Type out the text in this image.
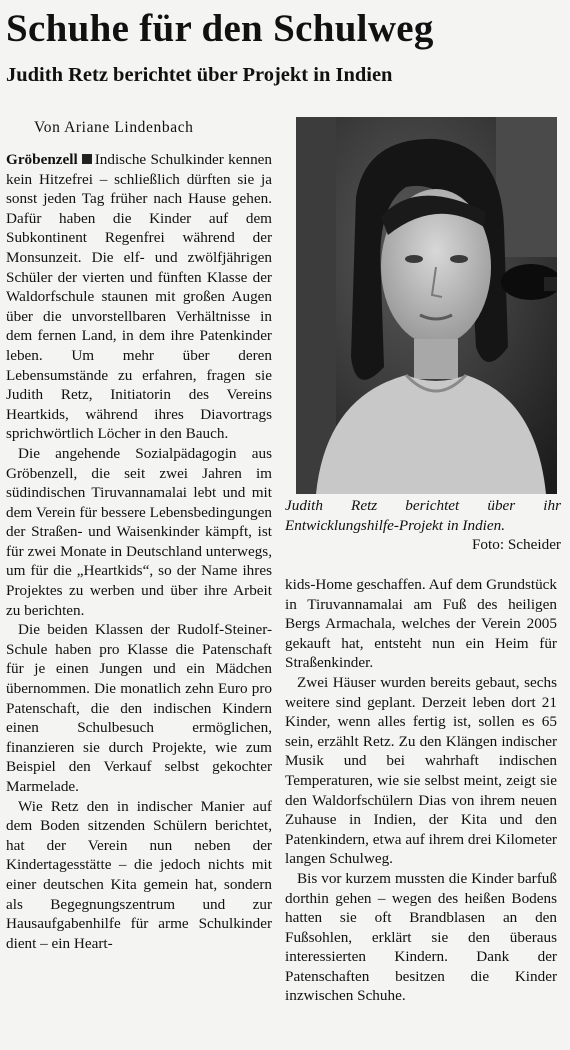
Schuhe für den Schulweg
Judith Retz berichtet über Projekt in Indien
Von Ariane Lindenbach

Gröbenzell Indische Schulkinder kennen kein Hitzefrei – schließlich dürften sie ja sonst jeden Tag früher nach Hause gehen. Dafür haben die Kinder auf dem Subkontinent Regenfrei während der Monsunzeit. Die elf- und zwölfjährigen Schüler der vierten und fünften Klasse der Waldorfschule staunen mit großen Augen über die unvorstellbaren Verhältnisse in dem fernen Land, in dem ihre Patenkinder leben. Um mehr über deren Lebensumstände zu erfahren, fragen sie Judith Retz, Initiatorin des Vereins Heartkids, während ihres Diavortrags sprichwörtlich Löcher in den Bauch.

Die angehende Sozialpädagogin aus Gröbenzell, die seit zwei Jahren im südindischen Tiruvannamalai lebt und mit dem Verein für bessere Lebensbedingungen der Straßen- und Waisenkinder kämpft, ist für zwei Monate in Deutschland unterwegs, um für die „Heartkids“, so der Name ihres Projektes zu werben und über ihre Arbeit zu berichten.

Die beiden Klassen der Rudolf-Steiner-Schule haben pro Klasse die Patenschaft für je einen Jungen und ein Mädchen übernommen. Die monatlich zehn Euro pro Patenschaft, die den indischen Kindern einen Schulbesuch ermöglichen, finanzieren sie durch Projekte, wie zum Beispiel den Verkauf selbst gekochter Marmelade.

Wie Retz den in indischer Manier auf dem Boden sitzenden Schülern berichtet, hat der Verein nun neben der Kindertagesstätte – die jedoch nichts mit einer deutschen Kita gemein hat, sondern als Begegnungszentrum und zur Hausaufgabenhilfe für arme Schulkinder dient – ein Heart-

Judith Retz berichtet über ihr Entwicklungshilfe-Projekt in Indien.
Foto: Scheider

kids-Home geschaffen. Auf dem Grundstück in Tiruvannamalai am Fuß des heiligen Bergs Armachala, welches der Verein 2005 gekauft hat, entsteht nun ein Heim für Straßenkinder.

Zwei Häuser wurden bereits gebaut, sechs weitere sind geplant. Derzeit leben dort 21 Kinder, wenn alles fertig ist, sollen es 65 sein, erzählt Retz. Zu den Klängen indischer Musik und bei wahrhaft indischen Temperaturen, wie sie selbst meint, zeigt sie den Waldorfschülern Dias von ihrem neuen Zuhause in Indien, der Kita und den Patenkindern, etwa auf ihrem drei Kilometer langen Schulweg.

Bis vor kurzem mussten die Kinder barfuß dorthin gehen – wegen des heißen Bodens hatten sie oft Brandblasen an den Fußsohlen, erklärt sie den überaus interessierten Kindern. Dank der Patenschaften besitzen die Kinder inzwischen Schuhe.
